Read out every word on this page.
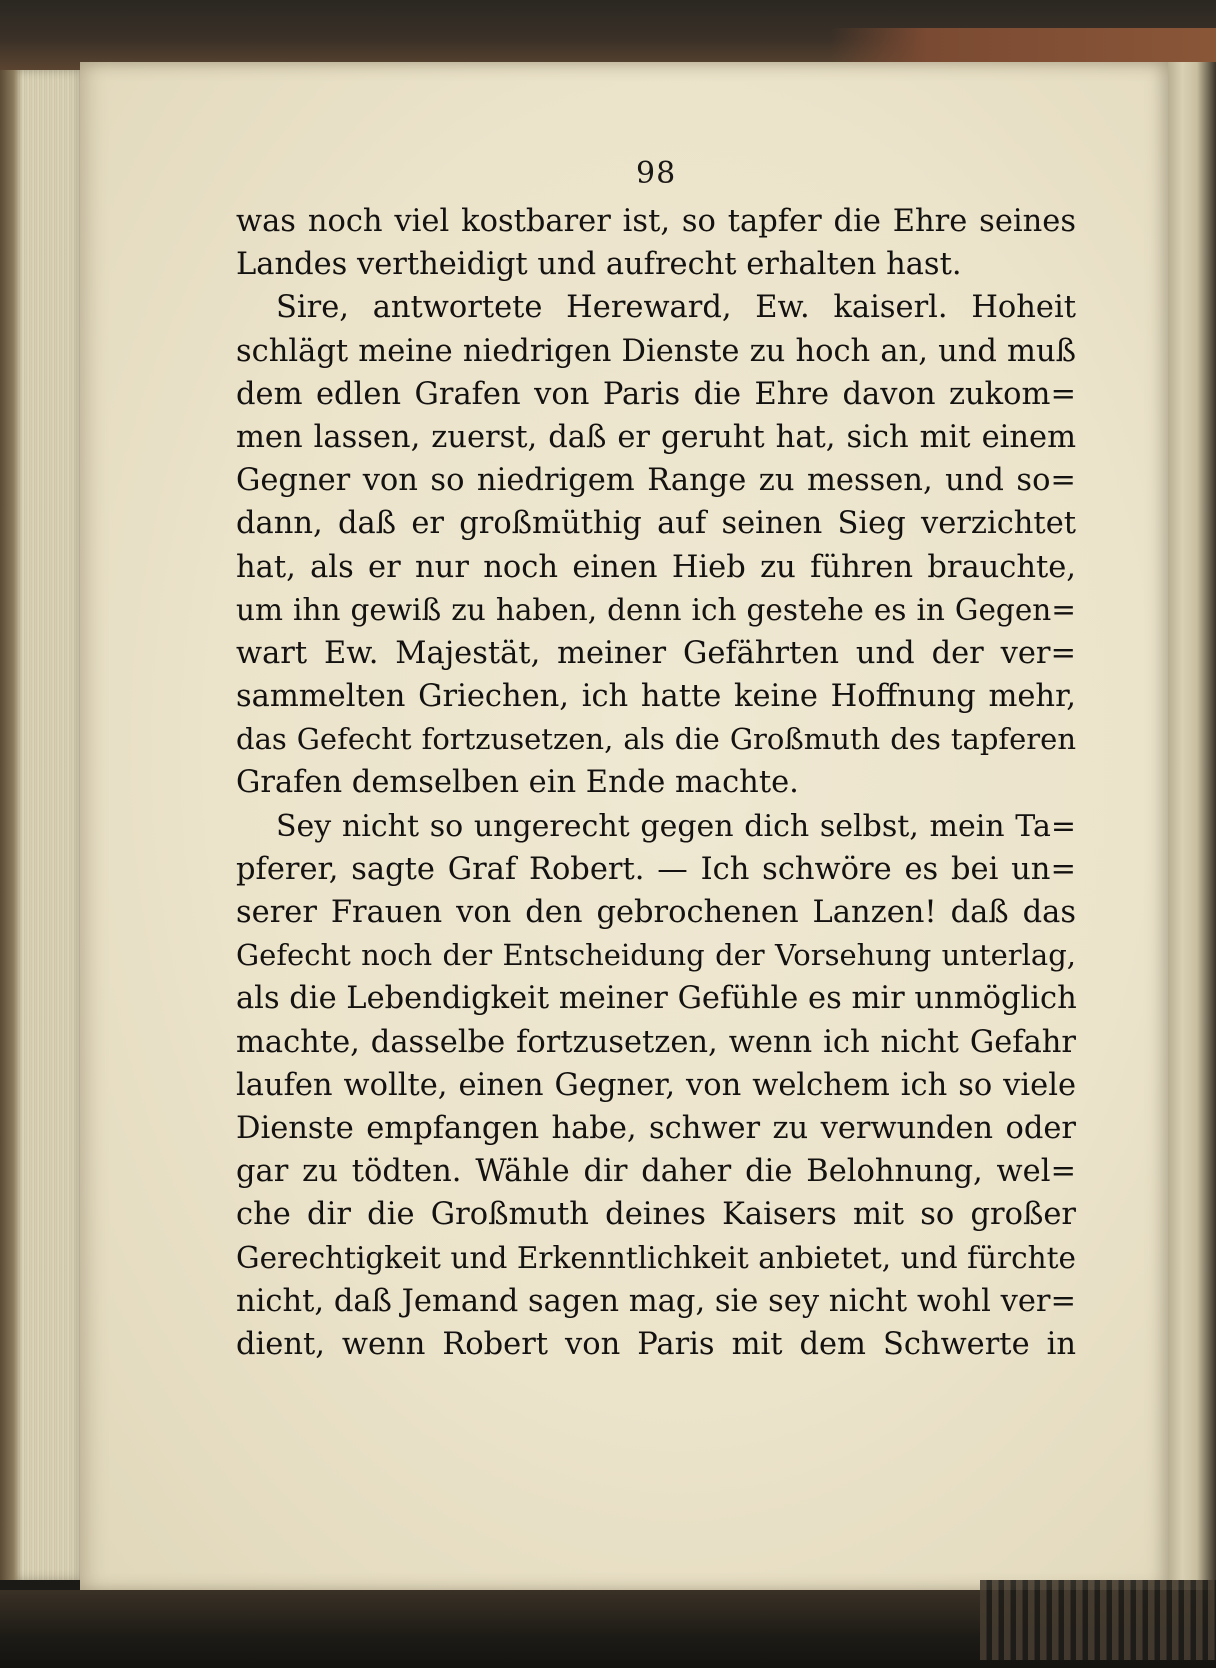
98
was noch viel kostbarer ist, so tapfer die Ehre seines
Landes vertheidigt und aufrecht erhalten hast.
Sire, antwortete Hereward, Ew. kaiserl. Hoheit
schlägt meine niedrigen Dienste zu hoch an, und muß
dem edlen Grafen von Paris die Ehre davon zukom=
men lassen, zuerst, daß er geruht hat, sich mit einem
Gegner von so niedrigem Range zu messen, und so=
dann, daß er großmüthig auf seinen Sieg verzichtet
hat, als er nur noch einen Hieb zu führen brauchte,
um ihn gewiß zu haben, denn ich gestehe es in Gegen=
wart Ew. Majestät, meiner Gefährten und der ver=
sammelten Griechen, ich hatte keine Hoffnung mehr,
das Gefecht fortzusetzen, als die Großmuth des tapferen
Grafen demselben ein Ende machte.
Sey nicht so ungerecht gegen dich selbst, mein Ta=
pferer, sagte Graf Robert. — Ich schwöre es bei un=
serer Frauen von den gebrochenen Lanzen! daß das
Gefecht noch der Entscheidung der Vorsehung unterlag,
als die Lebendigkeit meiner Gefühle es mir unmöglich
machte, dasselbe fortzusetzen, wenn ich nicht Gefahr
laufen wollte, einen Gegner, von welchem ich so viele
Dienste empfangen habe, schwer zu verwunden oder
gar zu tödten. Wähle dir daher die Belohnung, wel=
che dir die Großmuth deines Kaisers mit so großer
Gerechtigkeit und Erkenntlichkeit anbietet, und fürchte
nicht, daß Jemand sagen mag, sie sey nicht wohl ver=
dient, wenn Robert von Paris mit dem Schwerte in
